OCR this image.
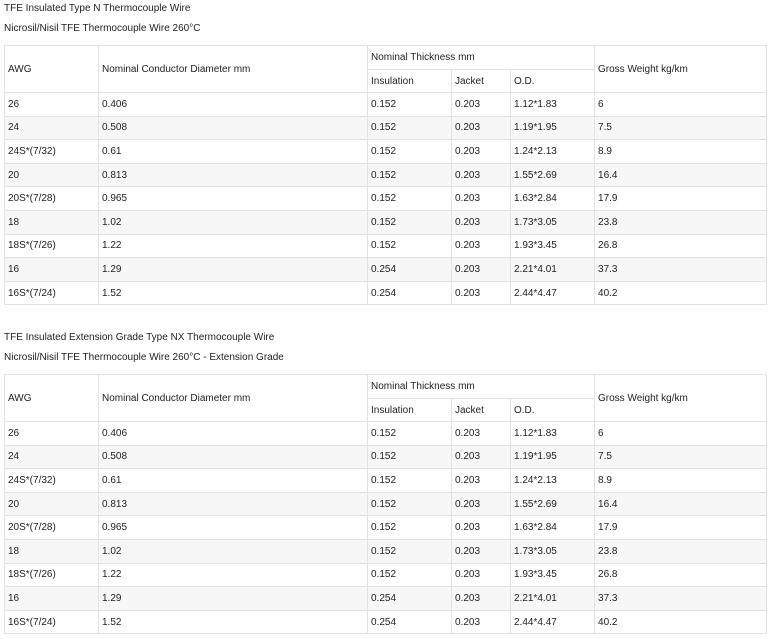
TFE Insulated Type N Thermocouple Wire
Nicrosil/Nisil TFE Thermocouple Wire 260°C
AWG	Nominal Conductor Diameter mm	Nominal Thickness mm			Gross Weight kg/km
		Insulation	Jacket	O.D.	
26	0.406	0.152	0.203	1.12*1.83	6
24	0.508	0.152	0.203	1.19*1.95	7.5
24S*(7/32)	0.61	0.152	0.203	1.24*2.13	8.9
20	0.813	0.152	0.203	1.55*2.69	16.4
20S*(7/28)	0.965	0.152	0.203	1.63*2.84	17.9
18	1.02	0.152	0.203	1.73*3.05	23.8
18S*(7/26)	1.22	0.152	0.203	1.93*3.45	26.8
16	1.29	0.254	0.203	2.21*4.01	37.3
16S*(7/24)	1.52	0.254	0.203	2.44*4.47	40.2
TFE Insulated Extension Grade Type NX Thermocouple Wire
Nicrosil/Nisil TFE Thermocouple Wire 260°C - Extension Grade
AWG	Nominal Conductor Diameter mm	Nominal Thickness mm			Gross Weight kg/km
		Insulation	Jacket	O.D.	
26	0.406	0.152	0.203	1.12*1.83	6
24	0.508	0.152	0.203	1.19*1.95	7.5
24S*(7/32)	0.61	0.152	0.203	1.24*2.13	8.9
20	0.813	0.152	0.203	1.55*2.69	16.4
20S*(7/28)	0.965	0.152	0.203	1.63*2.84	17.9
18	1.02	0.152	0.203	1.73*3.05	23.8
18S*(7/26)	1.22	0.152	0.203	1.93*3.45	26.8
16	1.29	0.254	0.203	2.21*4.01	37.3
16S*(7/24)	1.52	0.254	0.203	2.44*4.47	40.2
